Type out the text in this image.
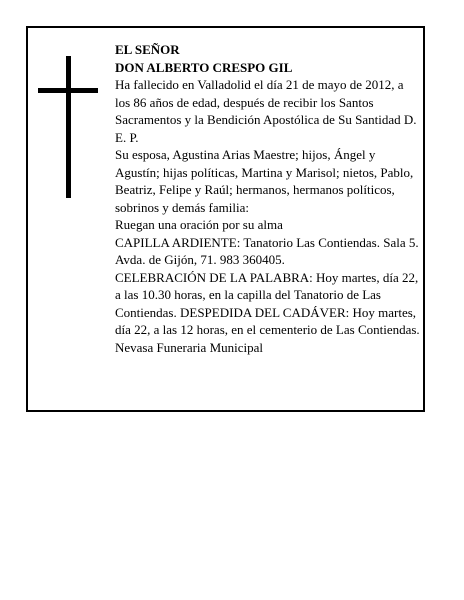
EL SEÑOR

DON ALBERTO CRESPO GIL

Ha fallecido en Valladolid el día 21 de mayo de 2012, a los 86 años de edad, después de recibir los Santos Sacramentos y la Bendición Apostólica de Su Santidad D. E. P.

Su esposa, Agustina Arias Maestre; hijos, Ángel y Agustín; hijas políticas, Martina y Marisol; nietos, Pablo, Beatriz, Felipe y Raúl; hermanos, hermanos políticos, sobrinos y demás familia:

Ruegan una oración por su alma

CAPILLA ARDIENTE: Tanatorio Las Contiendas. Sala 5. Avda. de Gijón, 71. 983 360405.

CELEBRACIÓN DE LA PALABRA: Hoy martes, día 22, a las 10.30 horas, en la capilla del Tanatorio de Las Contiendas. DESPEDIDA DEL CADÁVER: Hoy martes, día 22, a las 12 horas, en el cementerio de Las Contiendas.

Nevasa Funeraria Municipal
